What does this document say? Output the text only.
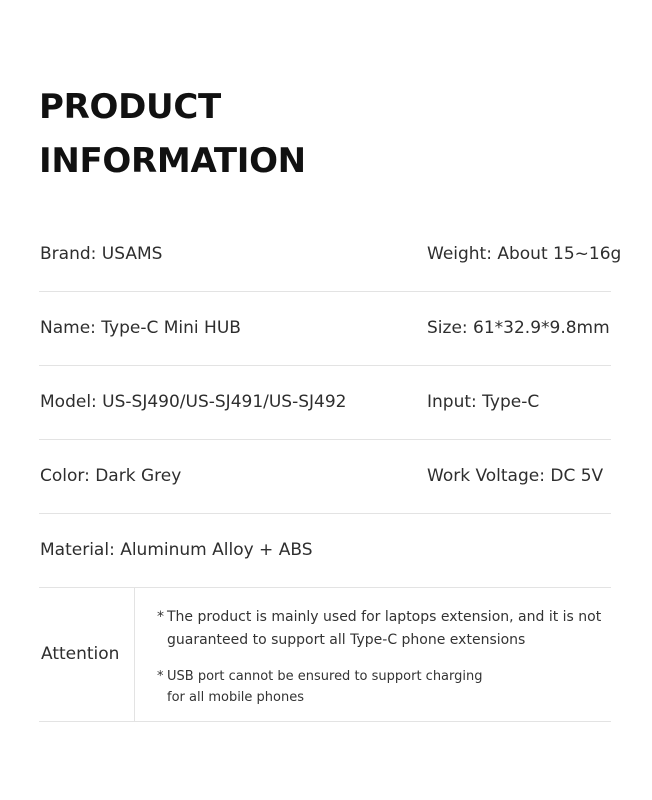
PRODUCT
INFORMATION
Brand: USAMS	Weight: About 15~16g
Name: Type-C Mini HUB	Size: 61*32.9*9.8mm
Model: US-SJ490/US-SJ491/US-SJ492	Input: Type-C
Color: Dark Grey	Work Voltage: DC 5V
Material: Aluminum Alloy + ABS
Attention
* The product is mainly used for laptops extension, and it is not guaranteed to support all Type-C phone extensions
* USB port cannot be ensured to support charging for all mobile phones
